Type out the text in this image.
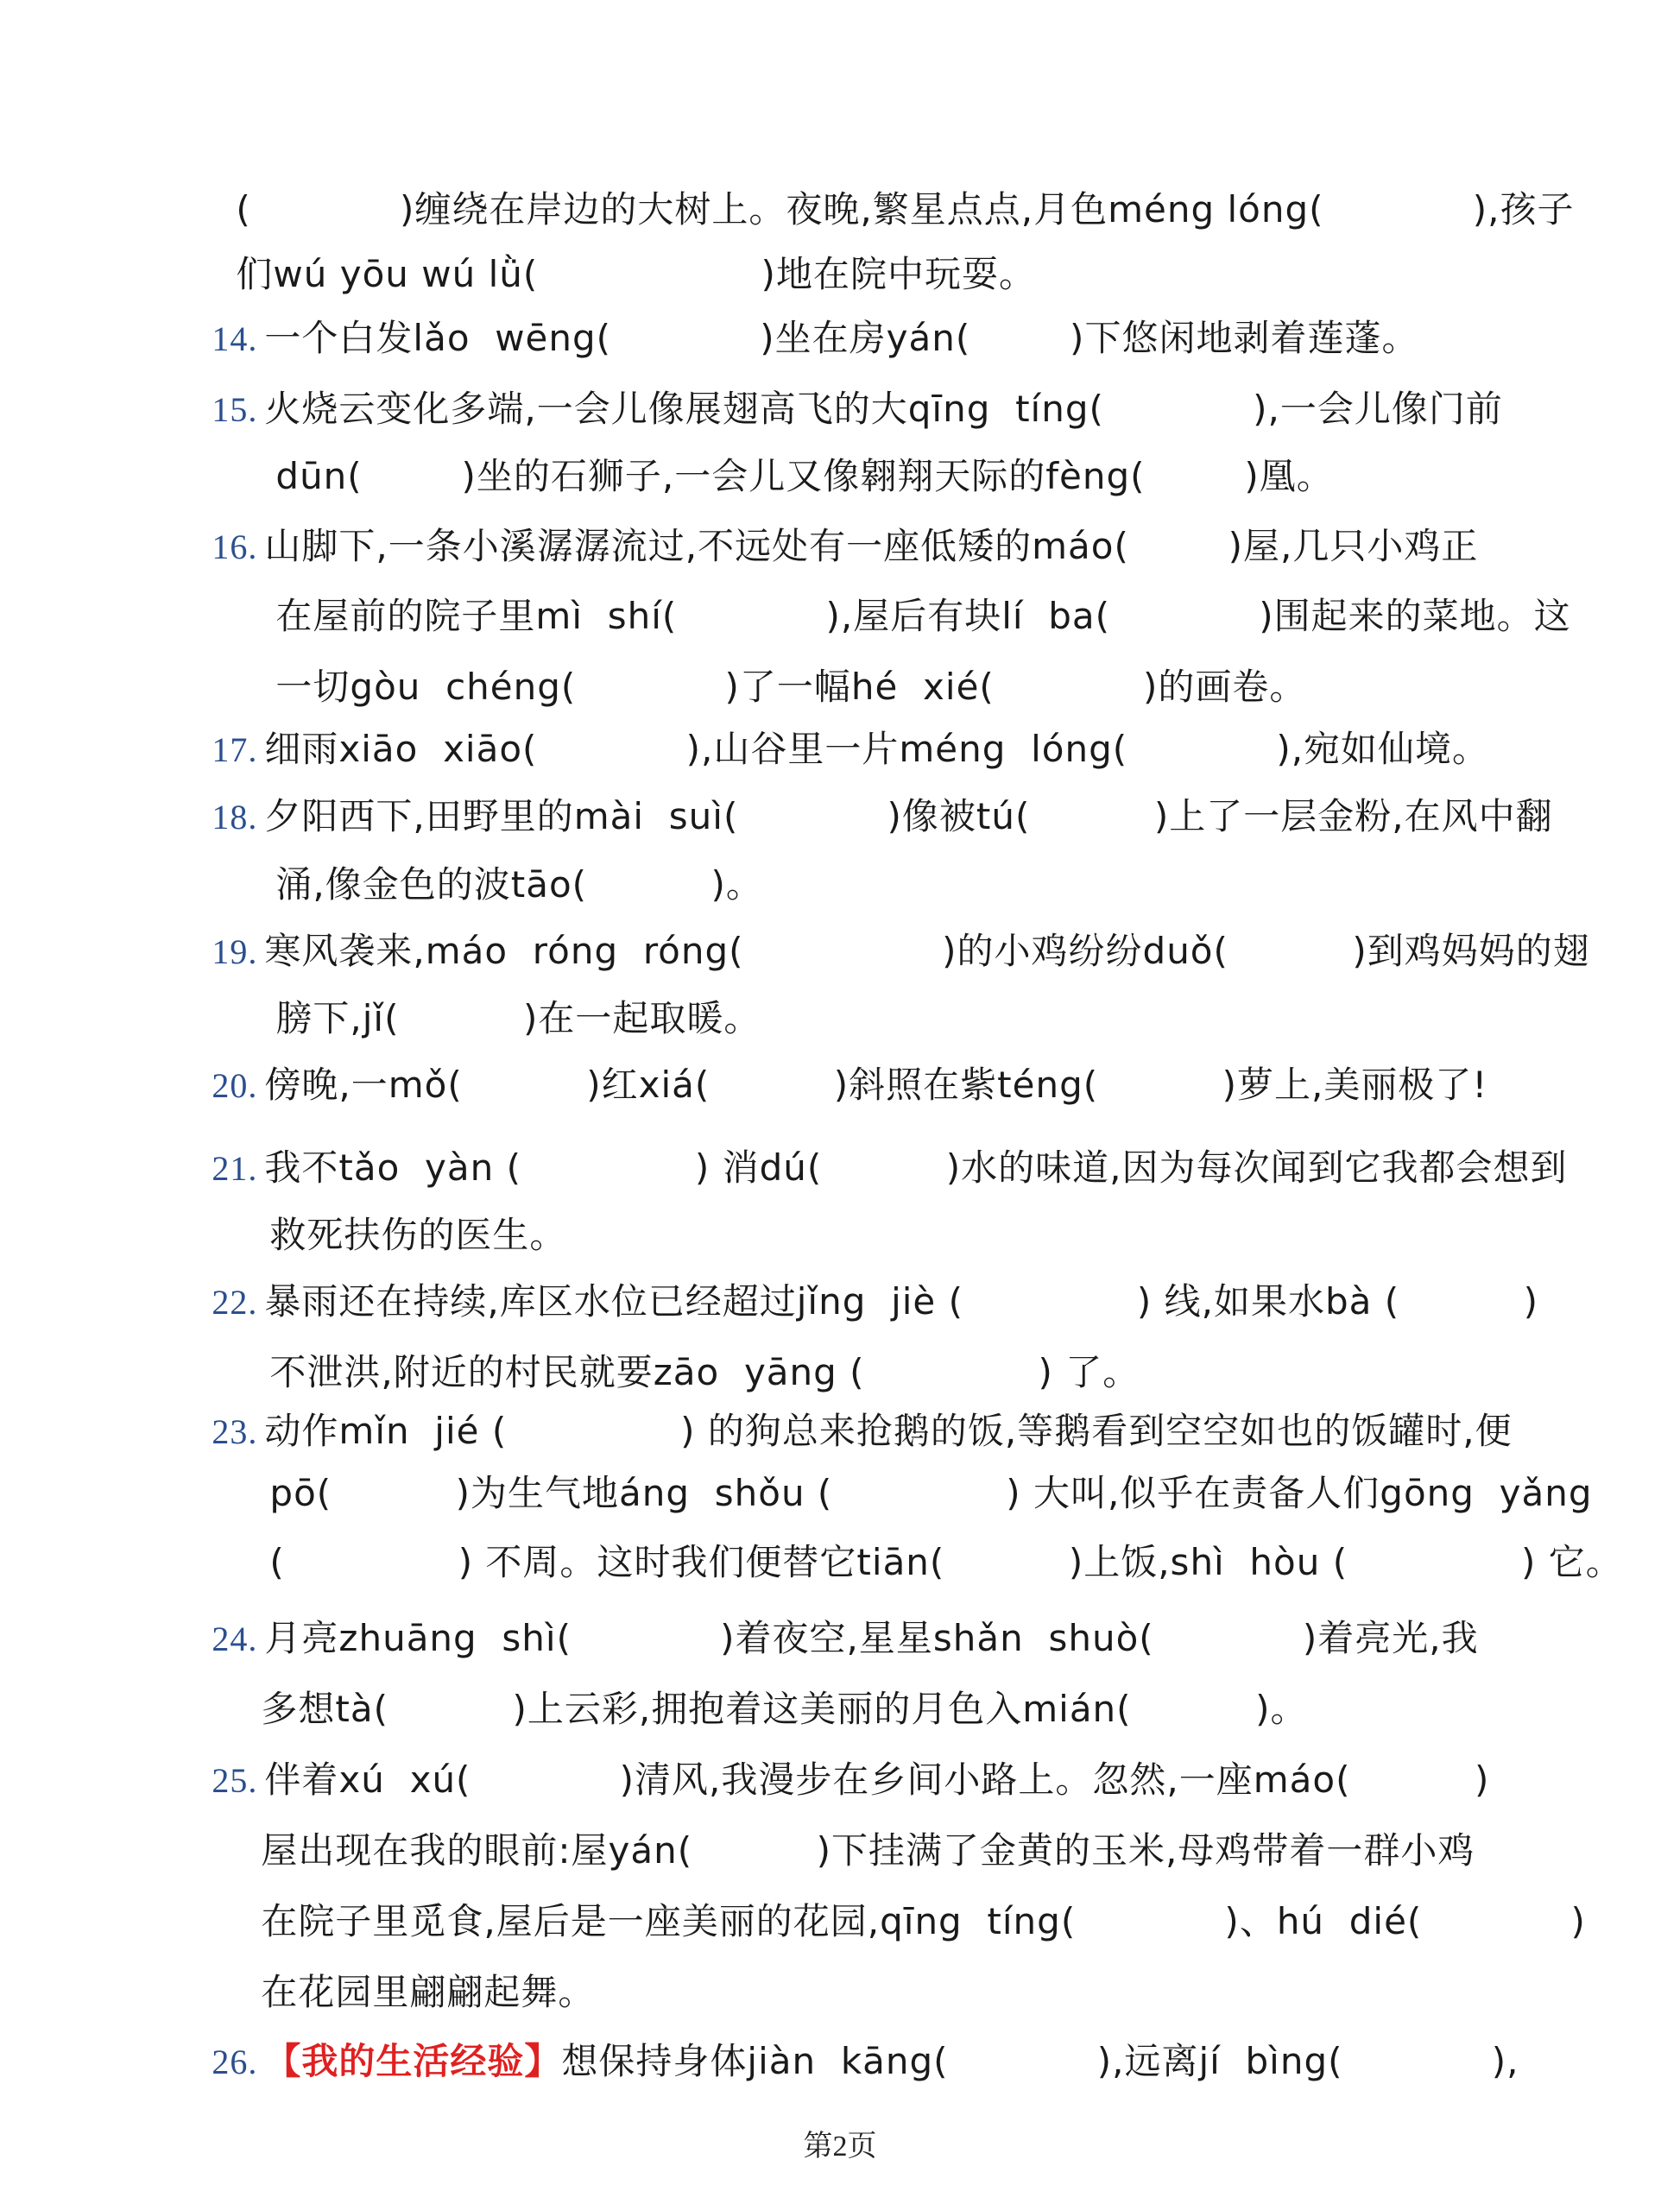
(            )缠绕在岸边的大树上。夜晚,繁星点点,月色méng lóng(            ),孩子

们wú yōu wú lǜ(                  )地在院中玩耍。

14. 一个白发lǎo  wēng(            )坐在房yán(        )下悠闲地剥着莲蓬。

15. 火烧云变化多端,一会儿像展翅高飞的大qīng  tíng(            ),一会儿像门前

dūn(        )坐的石狮子,一会儿又像翱翔天际的fèng(        )凰。

16. 山脚下,一条小溪潺潺流过,不远处有一座低矮的máo(        )屋,几只小鸡正

在屋前的院子里mì  shí(            ),屋后有块lí  ba(            )围起来的菜地。这

一切gòu  chéng(            )了一幅hé  xié(            )的画卷。

17. 细雨xiāo  xiāo(            ),山谷里一片méng  lóng(            ),宛如仙境。

18. 夕阳西下,田野里的mài  suì(            )像被tú(          )上了一层金粉,在风中翻

涌,像金色的波tāo(          )。

19. 寒风袭来,máo  róng  róng(                )的小鸡纷纷duǒ(          )到鸡妈妈的翅

膀下,jǐ(          )在一起取暖。

20. 傍晚,一mǒ(          )红xiá(          )斜照在紫téng(          )萝上,美丽极了!

21. 我不tǎo  yàn (              ) 消dú(          )水的味道,因为每次闻到它我都会想到

救死扶伤的医生。

22. 暴雨还在持续,库区水位已经超过jǐng  jiè (              ) 线,如果水bà (          )

不泄洪,附近的村民就要zāo  yāng (              ) 了。

23. 动作mǐn  jié (              ) 的狗总来抢鹅的饭,等鹅看到空空如也的饭罐时,便

pō(          )为生气地áng  shǒu (              ) 大叫,似乎在责备人们gōng  yǎng

(              ) 不周。这时我们便替它tiān(          )上饭,shì  hòu (              ) 它。

24. 月亮zhuāng  shì(            )着夜空,星星shǎn  shuò(            )着亮光,我

多想tà(          )上云彩,拥抱着这美丽的月色入mián(          )。

25. 伴着xú  xú(            )清风,我漫步在乡间小路上。忽然,一座máo(          )

屋出现在我的眼前:屋yán(          )下挂满了金黄的玉米,母鸡带着一群小鸡

在院子里觅食,屋后是一座美丽的花园,qīng  tíng(            )、hú  dié(            )

在花园里翩翩起舞。

26. 【我的生活经验】想保持身体jiàn  kāng(            ),远离jí  bìng(            ),

第2页
